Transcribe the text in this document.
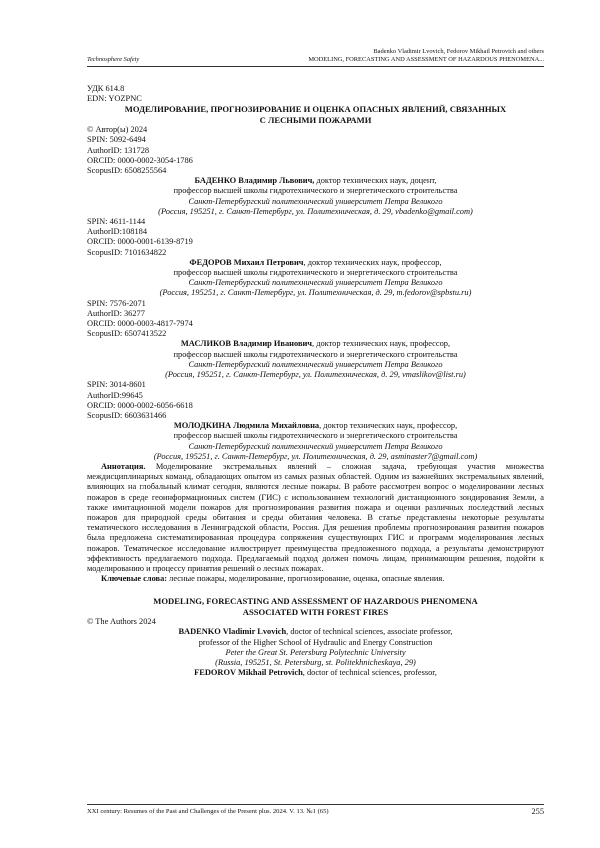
Technosphere Safety
Badenko Vladimir Lvovich, Fedorov Mikhail Petrovich and others
MODELING, FORECASTING AND ASSESSMENT OF HAZARDOUS PHENOMENA...
УДК 614.8
EDN: YOZPNC
МОДЕЛИРОВАНИЕ, ПРОГНОЗИРОВАНИЕ И ОЦЕНКА ОПАСНЫХ ЯВЛЕНИЙ, СВЯЗАННЫХ
С ЛЕСНЫМИ ПОЖАРАМИ
© Автор(ы) 2024
SPIN: 5092-6494
AuthorID: 131728
ORCID: 0000-0002-3054-1786
ScopusID: 6508255564
БАДЕНКО Владимир Львович, доктор технических наук, доцент,
профессор высшей школы гидротехнического и энергетического строительства
Санкт-Петербургский политехнический университет Петра Великого
(Россия, 195251, г. Санкт-Петербург, ул. Политехническая, д. 29, vbadenko@gmail.com)
SPIN: 4611-1144
AuthorID:108184
ORCID: 0000-0001-6139-8719
ScopusID: 7101634822
ФЕДОРОВ Михаил Петрович, доктор технических наук, профессор,
профессор высшей школы гидротехнического и энергетического строительства
Санкт-Петербургский политехнический университет Петра Великого
(Россия, 195251, г. Санкт-Петербург, ул. Политехническая, д. 29, m.fedorov@spbstu.ru)
SPIN: 7576-2071
AuthorID: 36277
ORCID: 0000-0003-4817-7974
ScopusID: 6507413522
МАСЛИКОВ Владимир Иванович, доктор технических наук, профессор,
профессор высшей школы гидротехнического и энергетического строительства
Санкт-Петербургский политехнический университет Петра Великого
(Россия, 195251, г. Санкт-Петербург, ул. Политехническая, д. 29, vmaslikov@list.ru)
SPIN: 3014-8601
AuthorID:99645
ORCID: 0000-0002-6056-6618
ScopusID: 6603631466
МОЛОДКИНА Людмила Михайловна, доктор технических наук, профессор,
профессор высшей школы гидротехнического и энергетического строительства
Санкт-Петербургский политехнический университет Петра Великого
(Россия, 195251, г. Санкт-Петербург, ул. Политехническая, д. 29, asminaster7@gmail.com)

Аннотация. Моделирование экстремальных явлений – сложная задача, требующая участия множества междисциплинарных команд, обладающих опытом из самых разных областей. Одним из важнейших экстремальных явлений, влияющих на глобальный климат сегодня, являются лесные пожары. В работе рассмотрен вопрос о моделировании лесных пожаров в среде геоинформационных систем (ГИС) с использованием технологий дистанционного зондирования Земли, а также имитационной модели пожаров для прогнозирования развития пожара и оценки различных последствий лесных пожаров для природной среды обитания и среды обитания человека. В статье представлены некоторые результаты тематического исследования в Ленинградской области, Россия. Для решения проблемы прогнозирования развития пожаров была предложена систематизированная процедура сопряжения существующих ГИС и программ моделирования лесных пожаров. Тематическое исследование иллюстрирует преимущества предложенного подхода, а результаты демонстрируют эффективность предлагаемого подхода. Предлагаемый подход должен помочь лицам, принимающим решения, подойти к моделированию и процессу принятия решений о лесных пожарах.

Ключевые слова: лесные пожары, моделирование, прогнозирование, оценка, опасные явления.

MODELING, FORECASTING AND ASSESSMENT OF HAZARDOUS PHENOMENA
ASSOCIATED WITH FOREST FIRES
© The Authors 2024
BADENKO Vladimir Lvovich, doctor of technical sciences, associate professor,
professor of the Higher School of Hydraulic and Energy Construction
Peter the Great St. Petersburg Polytechnic University
(Russia, 195251, St. Petersburg, st. Politekhnicheskaya, 29)
FEDOROV Mikhail Petrovich, doctor of technical sciences, professor,
XXI century: Resumes of the Past and Challenges of the Present plus. 2024. V. 13. №1 (65)	255
